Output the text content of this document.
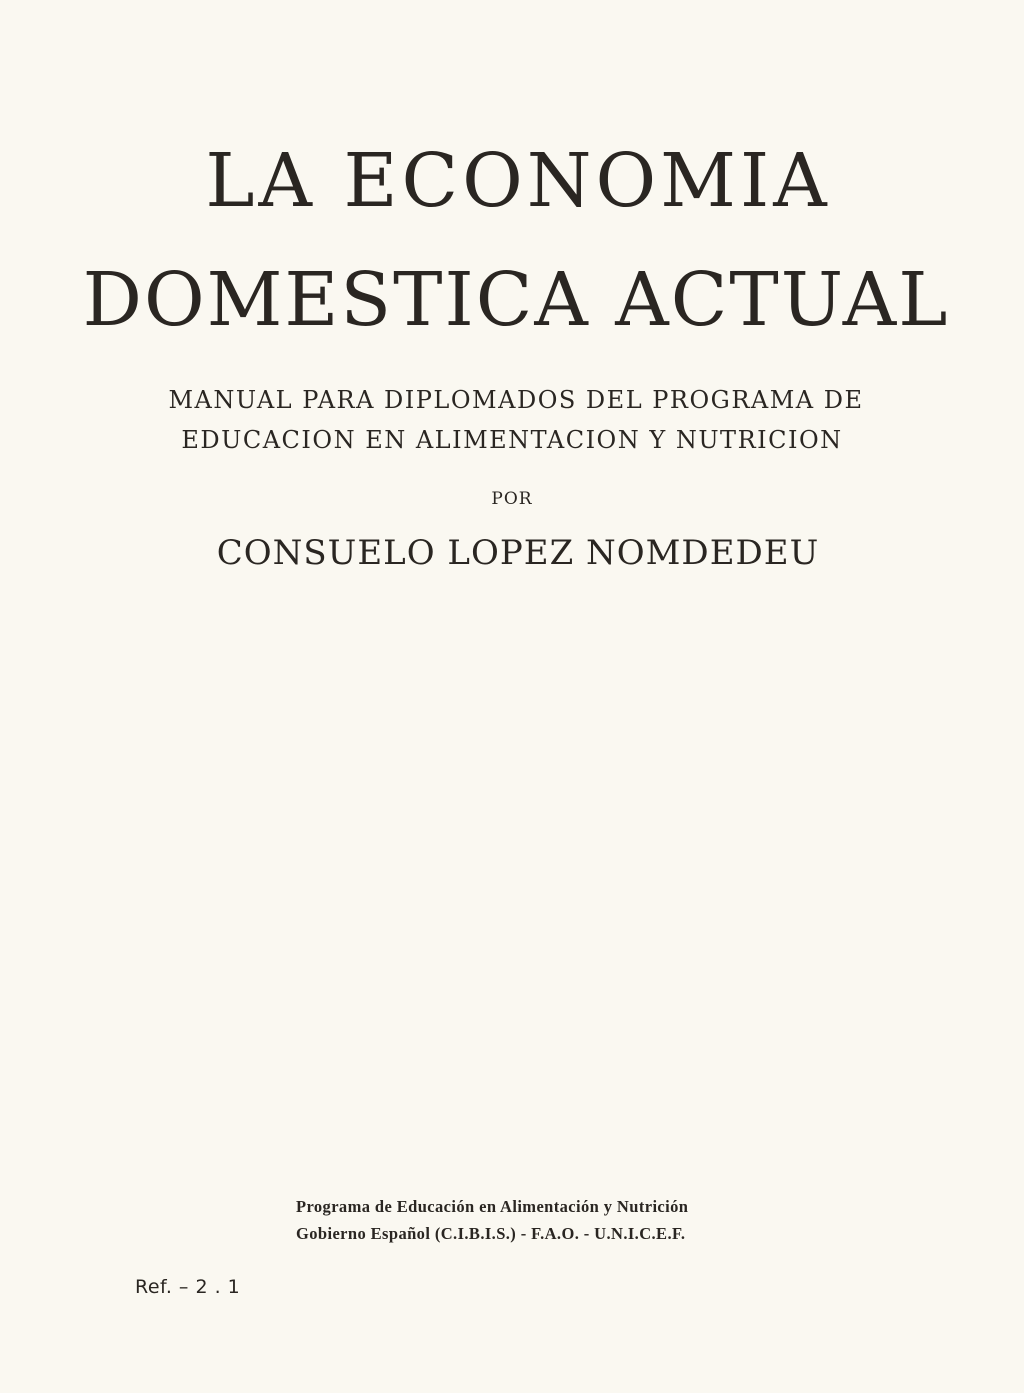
LA ECONOMIA
DOMESTICA ACTUAL

MANUAL PARA DIPLOMADOS DEL PROGRAMA DE

EDUCACION EN ALIMENTACION Y NUTRICION

POR
CONSUELO LOPEZ NOMDEDEU
Programa de Educación en Alimentación y Nutrición
Gobierno Español (C.I.B.I.S.) - F.A.O. - U.N.I.C.E.F.
Ref. – 2 . 1
